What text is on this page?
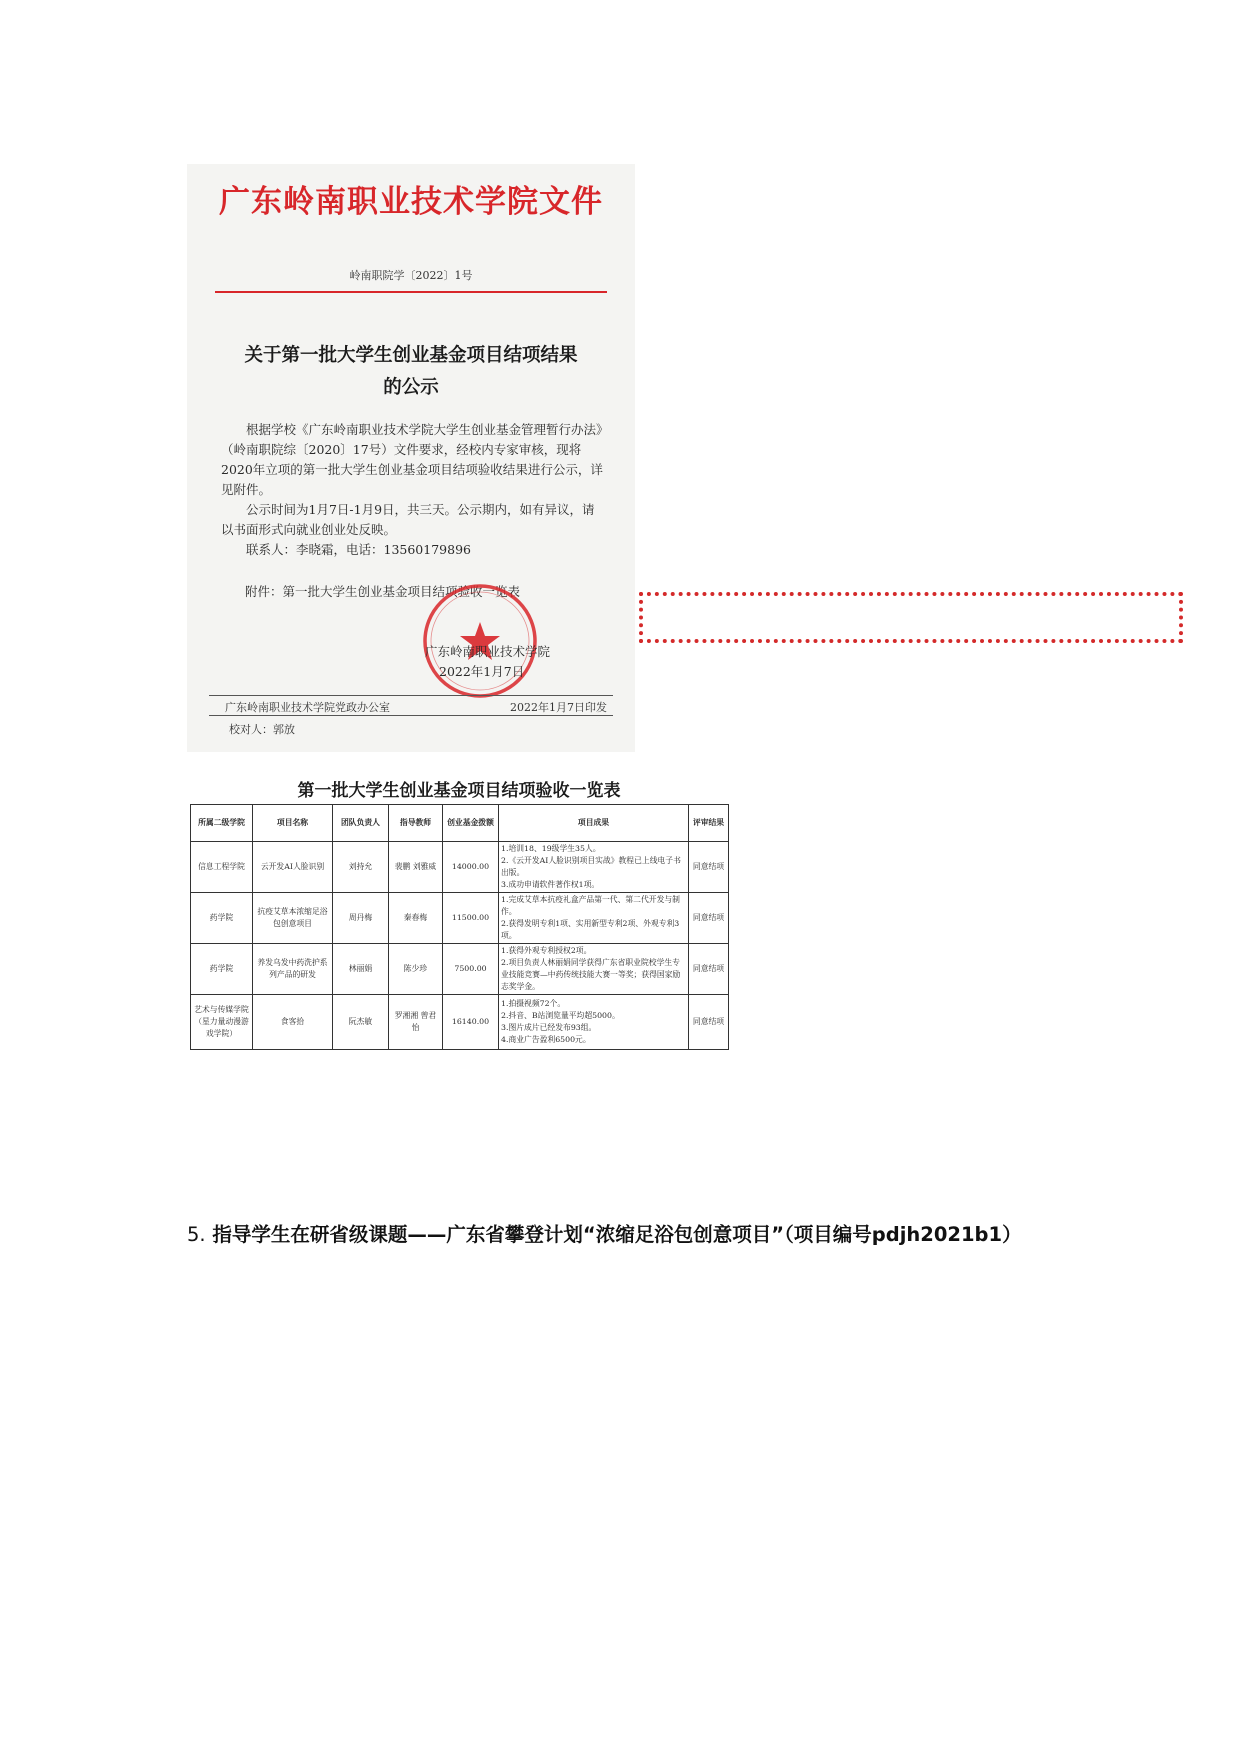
广东岭南职业技术学院文件
岭南职院学〔2022〕1号
关于第一批大学生创业基金项目结项结果
的公示

根据学校《广东岭南职业技术学院大学生创业基金管理暂行办法》（岭南职院综〔2020〕17号）文件要求，经校内专家审核，现将2020年立项的第一批大学生创业基金项目结项验收结果进行公示，详见附件。

公示时间为1月7日-1月9日，共三天。公示期内，如有异议，请以书面形式向就业创业处反映。

联系人：李晓霜，电话：13560179896

附件：第一批大学生创业基金项目结项验收一览表
广东岭南职业技术学院
2022年1月7日
广东岭南职业技术学院党政办公室	2022年1月7日印发
校对人：郭放
第一批大学生创业基金项目结项验收一览表
所属二级学院	项目名称	团队负责人	指导教师	创业基金拨额	项目成果	评审结果
信息工程学院	云开发AI人脸识别	刘持允	裴鹏 刘雅威	14000.00	1.培训18、19级学生35人。
2.《云开发AI人脸识别项目实战》教程已上线电子书出版。
3.成功申请软件著作权1项。	同意结项
药学院	抗疫艾草本浓缩足浴包创意项目	周丹梅	秦春梅	11500.00	1.完成艾草本抗疫礼盒产品第一代、第二代开发与制作。
2.获得发明专利1项、实用新型专利2项、外观专利3项。	同意结项
药学院	养发乌发中药洗护系列产品的研发	林丽娟	陈少珍	7500.00	1.获得外观专利授权2项。
2.项目负责人林丽娟同学获得广东省职业院校学生专业技能竞赛—中药传统技能大赛一等奖；获得国家励志奖学金。	同意结项
艺术与传媒学院（星力量动漫游戏学院）	食客拾	阮杰敏	罗湘湘 曾君怡	16140.00	1.拍摄视频72个。
2.抖音、B站浏览量平均超5000。
3.图片成片已经发布93组。
4.商业广告盈利6500元。	同意结项
5. 指导学生在研省级课题——广东省攀登计划“浓缩足浴包创意项目”（项目编号pdjh2021b1）
